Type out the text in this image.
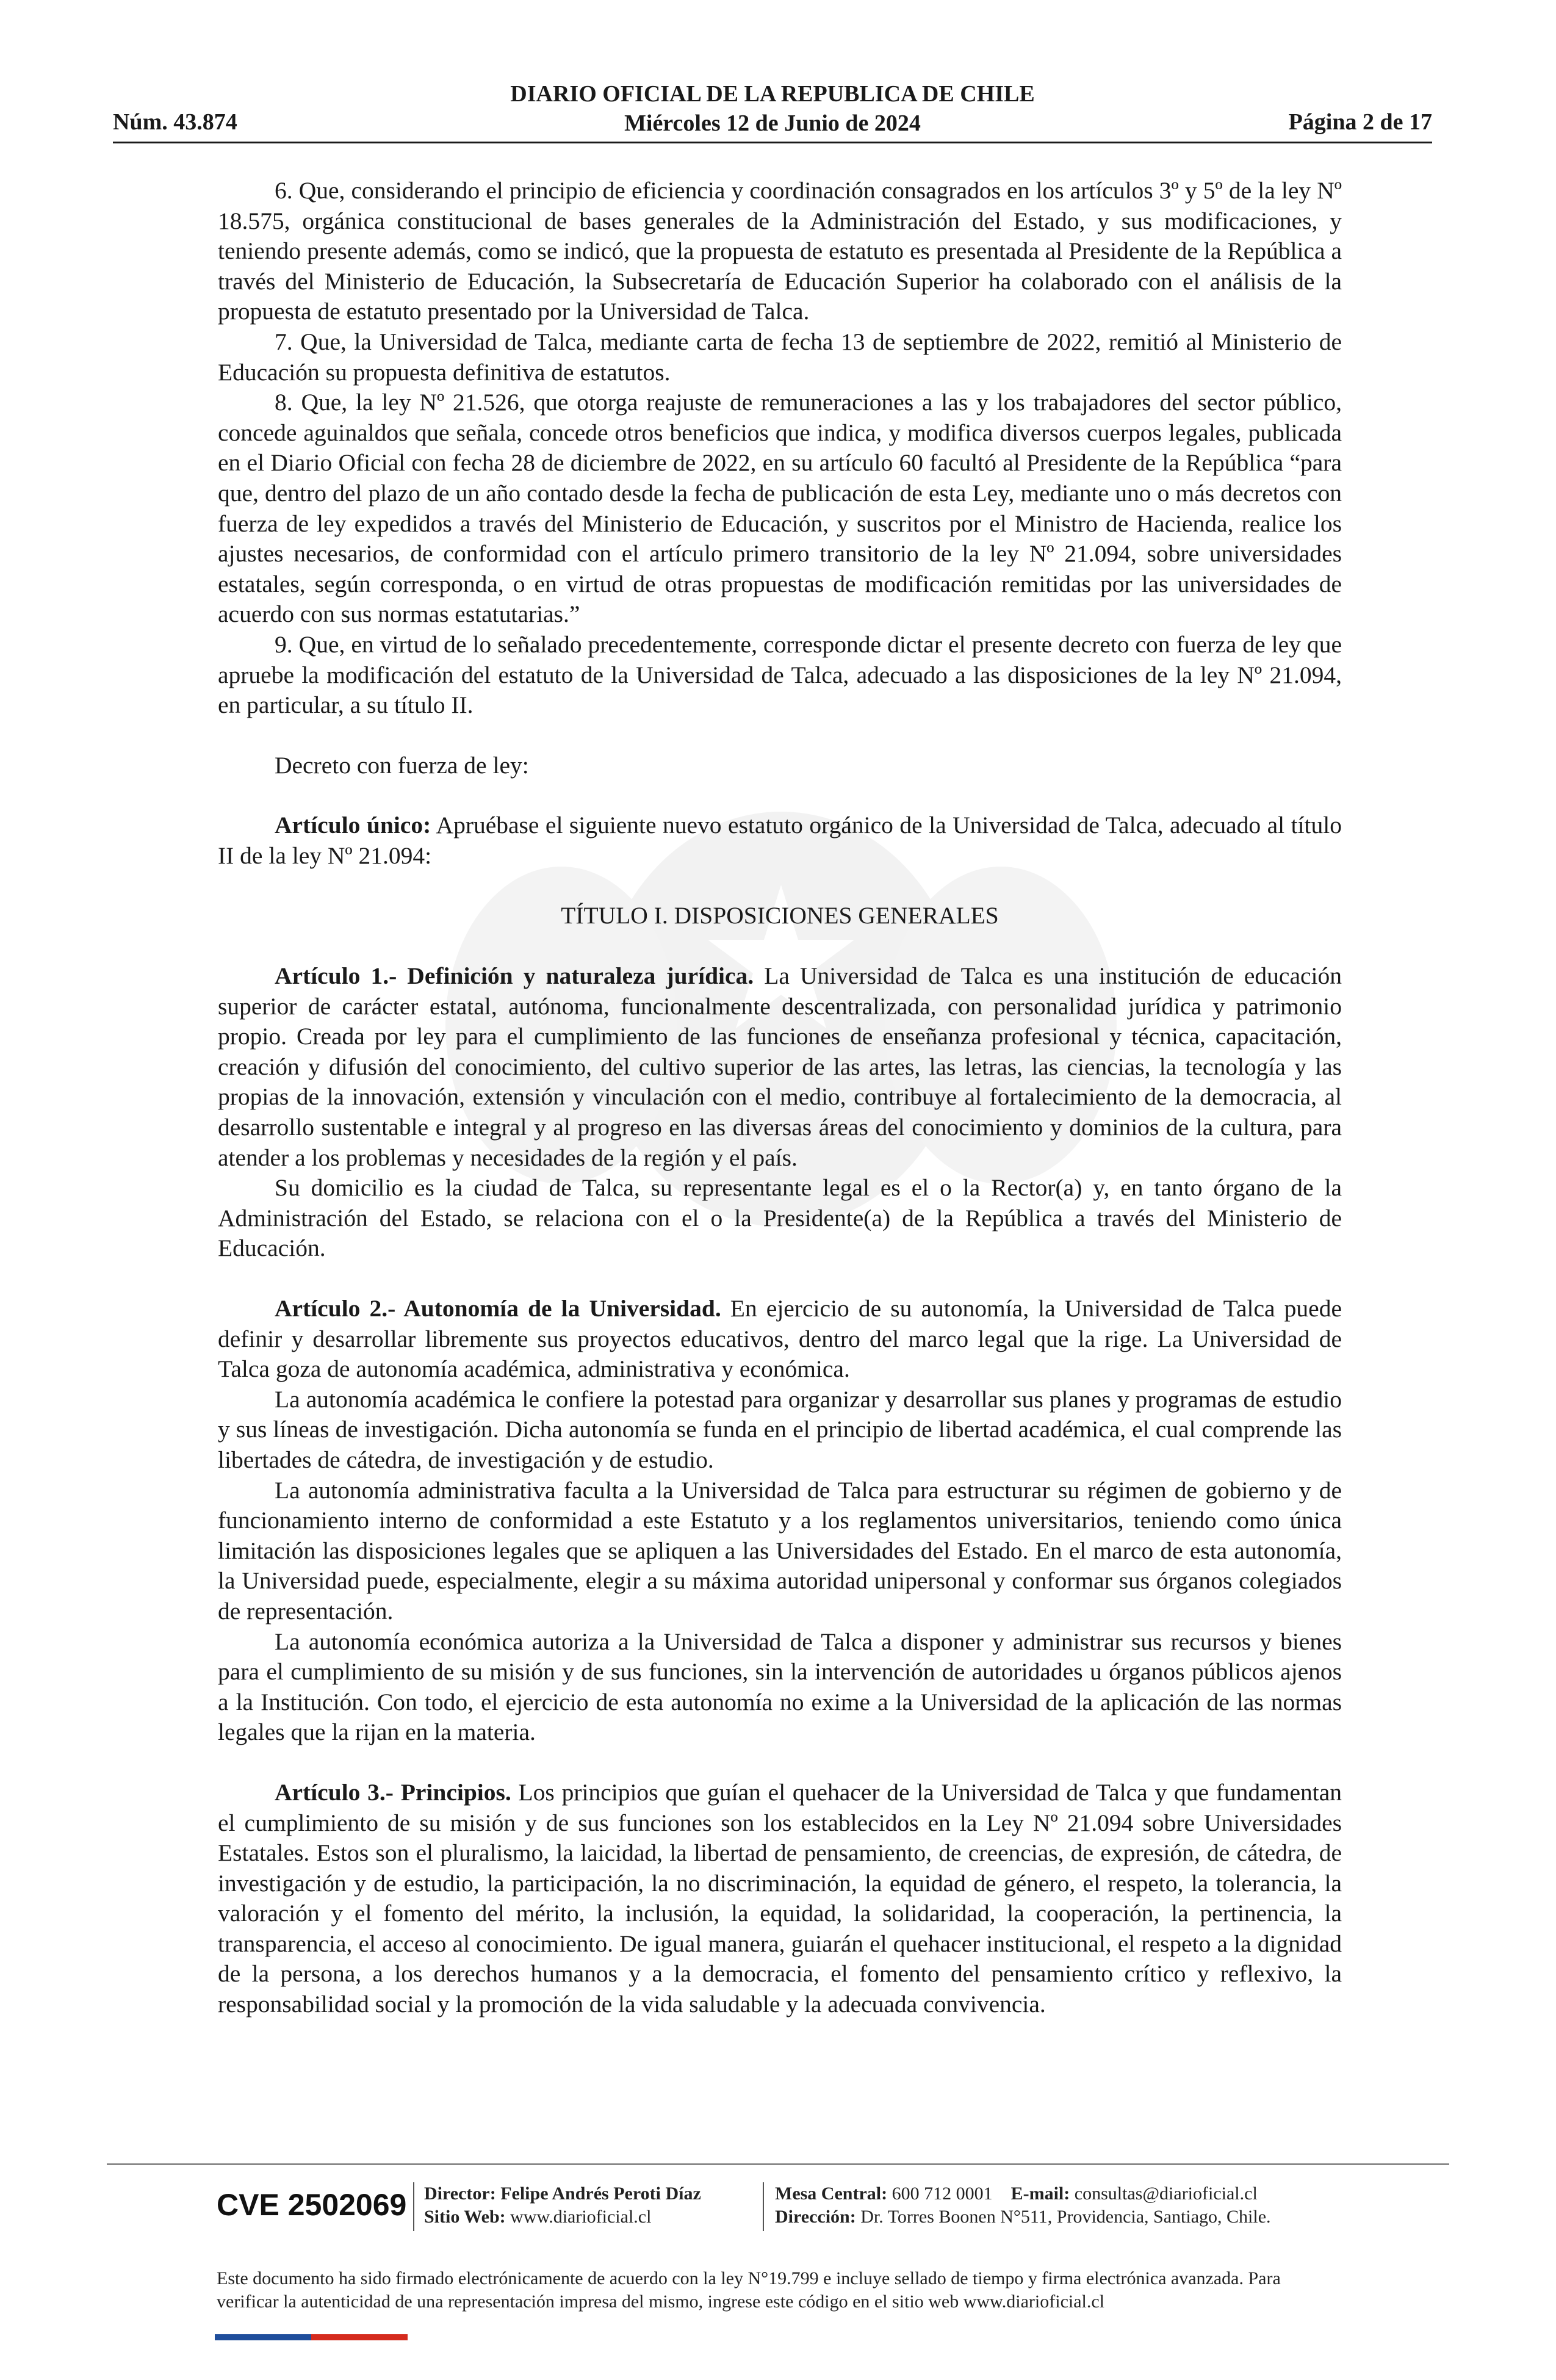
Núm. 43.874
DIARIO OFICIAL DE LA REPUBLICA DE CHILE
Miércoles 12 de Junio de 2024	Página 2 de 17

6. Que, considerando el principio de eficiencia y coordinación consagrados en los artículos 3º y 5º de la ley Nº 18.575, orgánica constitucional de bases generales de la Administración del Estado, y sus modificaciones, y teniendo presente además, como se indicó, que la propuesta de estatuto es presentada al Presidente de la República a través del Ministerio de Educación, la Subsecretaría de Educación Superior ha colaborado con el análisis de la propuesta de estatuto presentado por la Universidad de Talca.

7. Que, la Universidad de Talca, mediante carta de fecha 13 de septiembre de 2022, remitió al Ministerio de Educación su propuesta definitiva de estatutos.

8. Que, la ley Nº 21.526, que otorga reajuste de remuneraciones a las y los trabajadores del sector público, concede aguinaldos que señala, concede otros beneficios que indica, y modifica diversos cuerpos legales, publicada en el Diario Oficial con fecha 28 de diciembre de 2022, en su artículo 60 facultó al Presidente de la República “para que, dentro del plazo de un año contado desde la fecha de publicación de esta Ley, mediante uno o más decretos con fuerza de ley expedidos a través del Ministerio de Educación, y suscritos por el Ministro de Hacienda, realice los ajustes necesarios, de conformidad con el artículo primero transitorio de la ley Nº 21.094, sobre universidades estatales, según corresponda, o en virtud de otras propuestas de modificación remitidas por las universidades de acuerdo con sus normas estatutarias.”

9. Que, en virtud de lo señalado precedentemente, corresponde dictar el presente decreto con fuerza de ley que apruebe la modificación del estatuto de la Universidad de Talca, adecuado a las disposiciones de la ley Nº 21.094, en particular, a su título II.

Decreto con fuerza de ley:

Artículo único: Apruébase el siguiente nuevo estatuto orgánico de la Universidad de Talca, adecuado al título II de la ley Nº 21.094:

TÍTULO I. DISPOSICIONES GENERALES

Artículo 1.- Definición y naturaleza jurídica. La Universidad de Talca es una institución de educación superior de carácter estatal, autónoma, funcionalmente descentralizada, con personalidad jurídica y patrimonio propio. Creada por ley para el cumplimiento de las funciones de enseñanza profesional y técnica, capacitación, creación y difusión del conocimiento, del cultivo superior de las artes, las letras, las ciencias, la tecnología y las propias de la innovación, extensión y vinculación con el medio, contribuye al fortalecimiento de la democracia, al desarrollo sustentable e integral y al progreso en las diversas áreas del conocimiento y dominios de la cultura, para atender a los problemas y necesidades de la región y el país.

Su domicilio es la ciudad de Talca, su representante legal es el o la Rector(a) y, en tanto órgano de la Administración del Estado, se relaciona con el o la Presidente(a) de la República a través del Ministerio de Educación.

Artículo 2.- Autonomía de la Universidad. En ejercicio de su autonomía, la Universidad de Talca puede definir y desarrollar libremente sus proyectos educativos, dentro del marco legal que la rige. La Universidad de Talca goza de autonomía académica, administrativa y económica.

La autonomía académica le confiere la potestad para organizar y desarrollar sus planes y programas de estudio y sus líneas de investigación. Dicha autonomía se funda en el principio de libertad académica, el cual comprende las libertades de cátedra, de investigación y de estudio.

La autonomía administrativa faculta a la Universidad de Talca para estructurar su régimen de gobierno y de funcionamiento interno de conformidad a este Estatuto y a los reglamentos universitarios, teniendo como única limitación las disposiciones legales que se apliquen a las Universidades del Estado. En el marco de esta autonomía, la Universidad puede, especialmente, elegir a su máxima autoridad unipersonal y conformar sus órganos colegiados de representación.

La autonomía económica autoriza a la Universidad de Talca a disponer y administrar sus recursos y bienes para el cumplimiento de su misión y de sus funciones, sin la intervención de autoridades u órganos públicos ajenos a la Institución. Con todo, el ejercicio de esta autonomía no exime a la Universidad de la aplicación de las normas legales que la rijan en la materia.

Artículo 3.- Principios. Los principios que guían el quehacer de la Universidad de Talca y que fundamentan el cumplimiento de su misión y de sus funciones son los establecidos en la Ley Nº 21.094 sobre Universidades Estatales. Estos son el pluralismo, la laicidad, la libertad de pensamiento, de creencias, de expresión, de cátedra, de investigación y de estudio, la participación, la no discriminación, la equidad de género, el respeto, la tolerancia, la valoración y el fomento del mérito, la inclusión, la equidad, la solidaridad, la cooperación, la pertinencia, la transparencia, el acceso al conocimiento. De igual manera, guiarán el quehacer institucional, el respeto a la dignidad de la persona, a los derechos humanos y a la democracia, el fomento del pensamiento crítico y reflexivo, la responsabilidad social y la promoción de la vida saludable y la adecuada convivencia.

CVE 2502069 Director: Felipe Andrés Peroti Díaz
Sitio Web: www.diarioficial.cl
Mesa Central: 600 712 0001 E-mail: consultas@diarioficial.cl
Dirección: Dr. Torres Boonen N°511, Providencia, Santiago, Chile.
Este documento ha sido firmado electrónicamente de acuerdo con la ley N°19.799 e incluye sellado de tiempo y firma electrónica avanzada. Para verificar la autenticidad de una representación impresa del mismo, ingrese este código en el sitio web www.diarioficial.cl
